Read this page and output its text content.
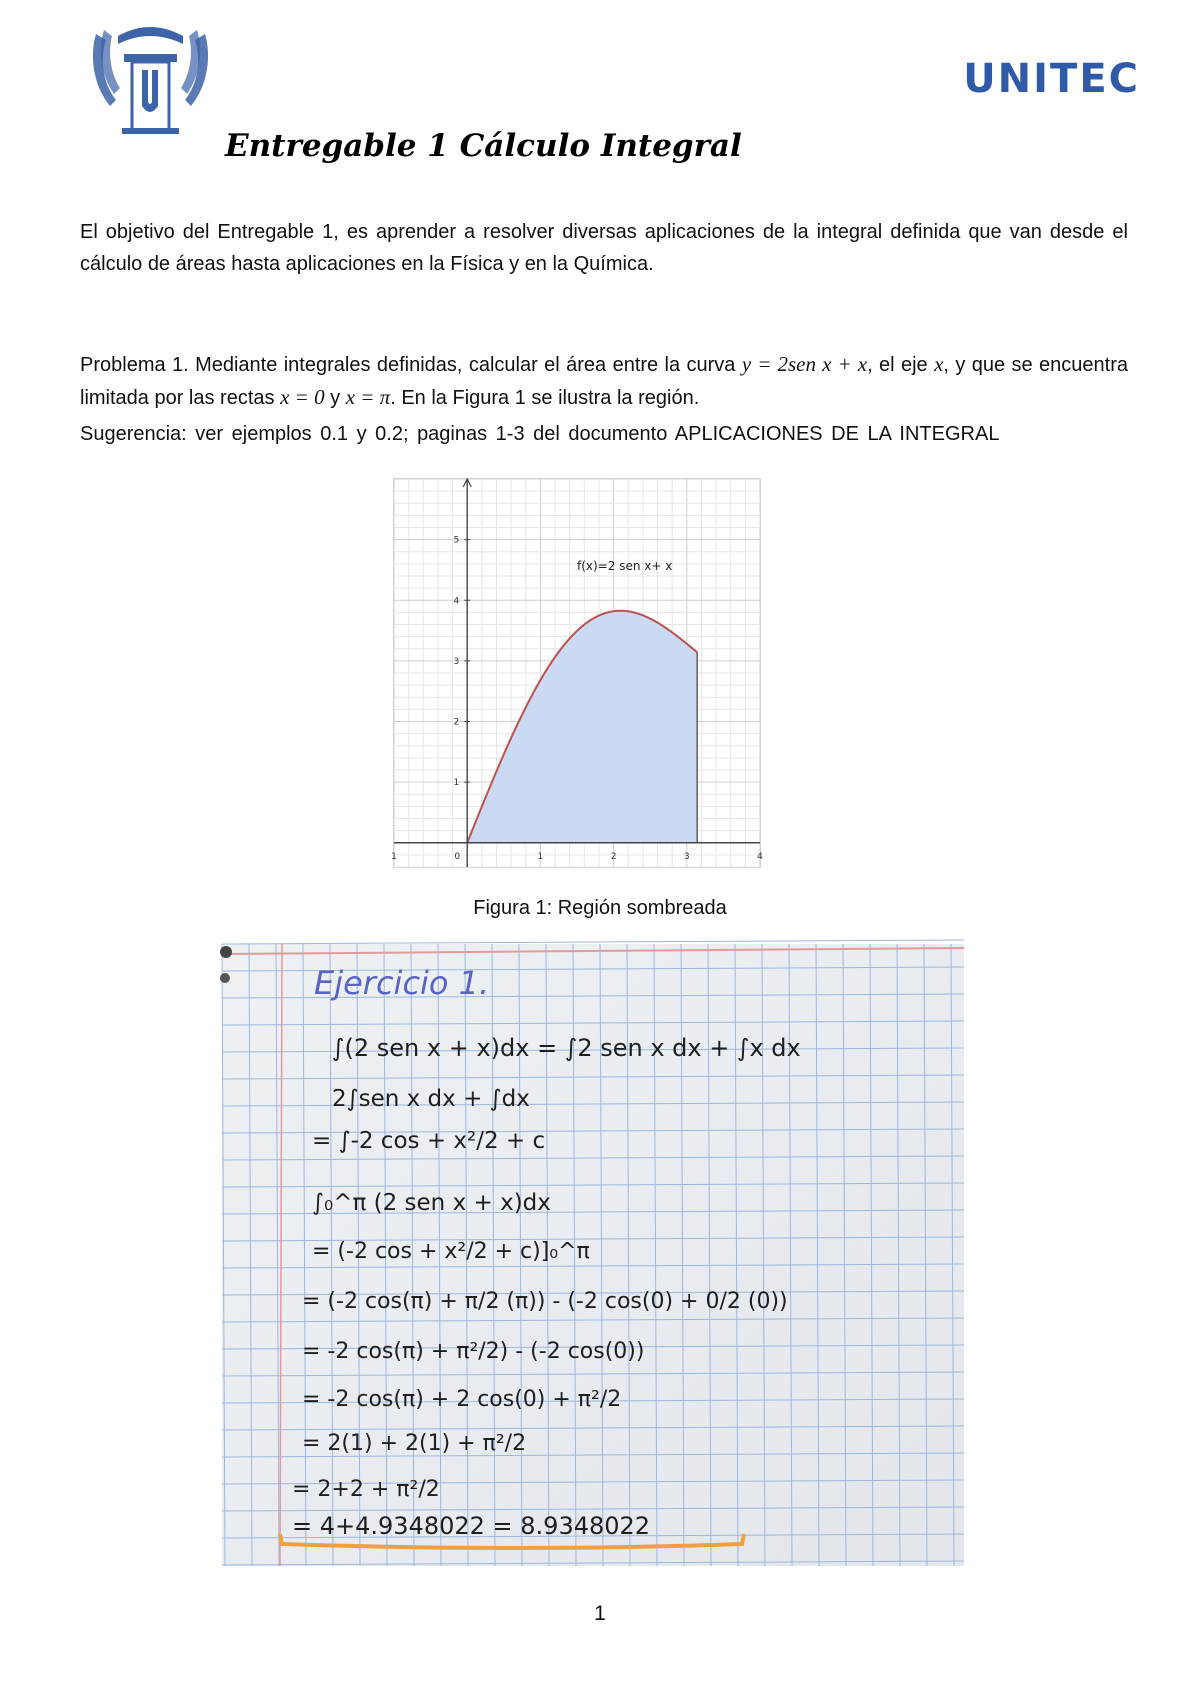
UNITEC
UNITEC
Entregable 1 Cálculo Integral
El objetivo del Entregable 1, es aprender a resolver diversas aplicaciones de la integral definida que van desde el cálculo de áreas hasta aplicaciones en la Física y en la Química.
Problema 1. Mediante integrales definidas, calcular el área entre la curva y = 2sen x + x, el eje x, y que se encuentra limitada por las rectas x = 0 y x = π. En la Figura 1 se ilustra la región.
Sugerencia: ver ejemplos 0.1 y 0.2; paginas 1-3 del documento APLICACIONES DE LA INTEGRAL
1	0	1	2	3	4
1
2
3
4
5
f(x)=2 sen x+ x
Figura 1: Región sombreada
Ejercicio 1.
∫(2 sen x + x)dx = ∫2 sen x dx + ∫x dx
2∫sen x dx + ∫dx
= ∫-2 cos + x²/2 + c
∫₀^π (2 sen x + x)dx
= (-2 cos + x²/2 + c)]₀^π
= (-2 cos(π) + π/2 (π)) - (-2 cos(0) + 0/2 (0))
= -2 cos(π) + π²/2) - (-2 cos(0))
= -2 cos(π) + 2 cos(0) + π²/2
= 2(1) + 2(1) + π²/2
= 2+2 + π²/2
= 4+4.9348022 = 8.9348022
1
